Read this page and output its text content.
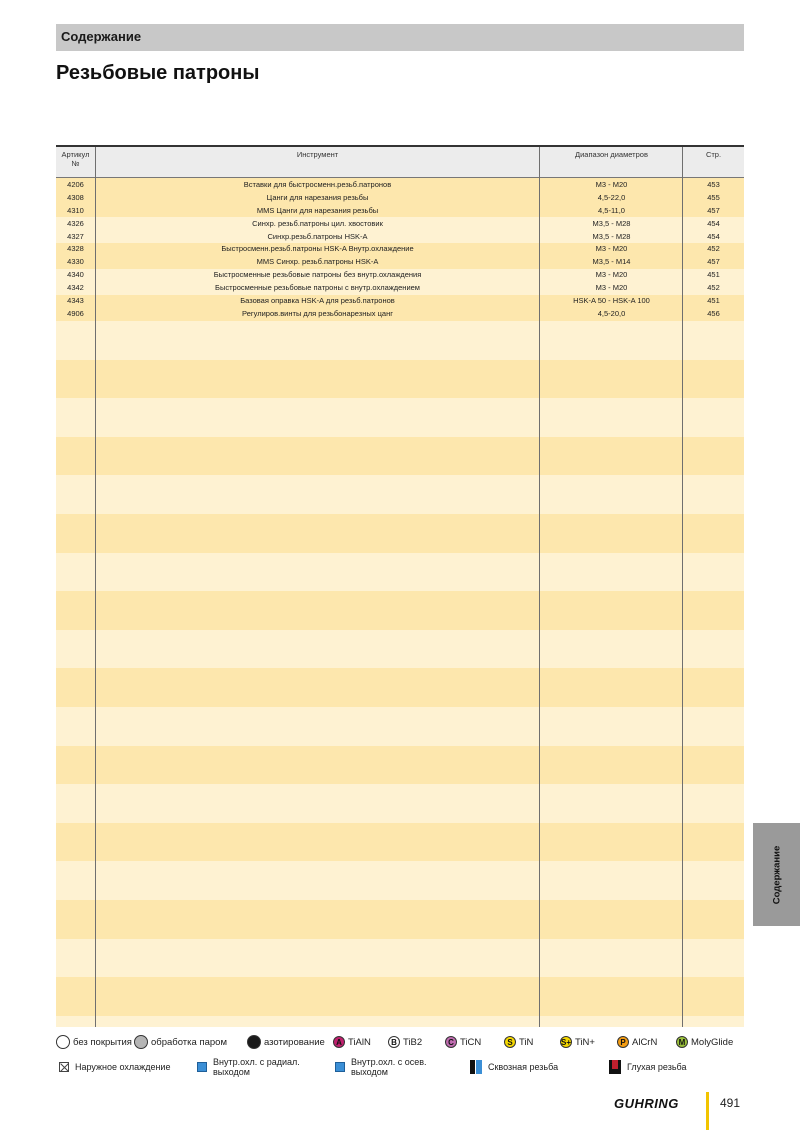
Содержание
Резьбовые патроны
Артикул
№
Инструмент	Диапазон диаметров	Стр.
4206	Вставки для быстросменн.резьб.патронов	M3 - M20	453
4308	Цанги для нарезания резьбы	4,5-22,0	455
4310	MMS Цанги для нарезания резьбы	4,5-11,0	457
4326	Синхр. резьб.патроны цил. хвостовик	M3,5 - M28	454
4327	Синхр.резьб.патроны HSK-A	M3,5 - M28	454
4328	Быстросменн.резьб.патроны HSK-A Внутр.охлаждение	M3 - M20	452
4330	MMS Синхр. резьб.патроны HSK-A	M3,5 - M14	457
4340	Быстросменные резьбовые патроны без внутр.охлаждения	M3 - M20	451
4342	Быстросменные резьбовые патроны с внутр.охлаждением	M3 - M20	452
4343	Базовая оправка HSK-A для резьб.патронов	HSK-A 50 - HSK-A 100	451
4906	Регулиров.винты для резьбонарезных цанг	4,5-20,0	456
без покрытия обработка паром	азотирование	A TiAlN	B TiB2	C TiCN	S TiN	S+ TiN+	P AlCrN	M MolyGlide
Наружное охлаждение	Внутр.охл. с радиал. выходом
Внутр.охл. с осев. выходом	Сквозная резьба	Глухая резьба
Содержание
GUHRING	491
